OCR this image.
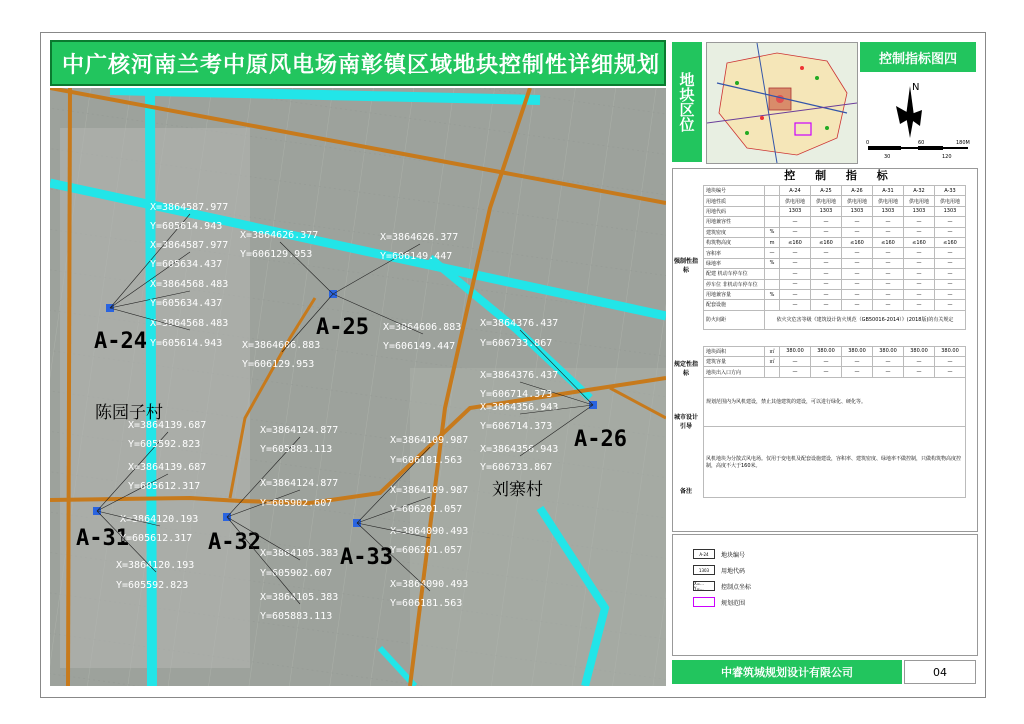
中广核河南兰考中原风电场南彰镇区域地块控制性详细规划
A-24
A-25
A-26
A-31	A-32
A-33
X=3864587.977
Y=605614.943
X=3864587.977
Y=605634.437
X=3864568.483
Y=605634.437
X=3864568.483
Y=605614.943
X=3864626.377
Y=606129.953
X=3864626.377
Y=606149.447
X=3864606.883
Y=606149.447
X=3864606.883
Y=606129.953
X=3864376.437
Y=606733.867
X=3864376.437
Y=606714.373
X=3864356.943
Y=606714.373
X=3864356.943
Y=606733.867
X=3864139.687
Y=605592.823
X=3864139.687
Y=605612.317
X=3864120.193
Y=605612.317
X=3864120.193
Y=605592.823
X=3864124.877
Y=605883.113
X=3864124.877
Y=605902.607
X=3864105.383
Y=605902.607
X=3864105.383
Y=605883.113
X=3864109.987
Y=606181.563
X=3864109.987
Y=606201.057
X=3864090.493
Y=606201.057
X=3864090.493
Y=606181.563
陈园子村
刘寨村
地块区位
控制指标图四
N
0	60	180M
30	120
控 制 指 标
地块编号		A-24	A-25	A-26	A-31	A-32	A-33
用地性质		供电用地	供电用地	供电用地	供电用地	供电用地	供电用地
用地代码		1303	1303	1303	1303	1303	1303
用地兼容性		—	—	—	—	—	—
建筑密度	%	—	—	—	—	—	—
构筑物高度	m	≤160	≤160	≤160	≤160	≤160	≤160
容积率	—	—	—	—	—	—	—
绿地率	%	—	—	—	—	—	—
配建 机动车停车位		—	—	—	—	—	—
停车位 非机动车停车位		—	—	—	—	—	—
用地兼容量	%	—	—	—	—	—	—
配套设施		—	—	—	—	—	—
防火间距	依火灾危害等级《建筑设计防火规范（GB50016-2014）》(2018版)的有关规定						

地块面积	㎡	380.00	380.00	380.00	380.00	380.00	380.00
建筑容量	㎡	—	—	—	—	—	—
地块出入口方向		—	—	—	—	—	—
规划范围内为风机建设，禁止其他建筑的建设，可以进行绿化、硬化等。							
风机地块为分散式风电场。仅用于变电机及配套设施建设，容积率、建筑密度、绿地率不做控制，只做构筑物高度控制，高度不大于160米。							
强制性指标
规定性指标
城市设计引导
备注
A-24	地块编号
1303	用地代码
X=... Y=...	控制点坐标
规划范围
中睿筑城规划设计有限公司	04
